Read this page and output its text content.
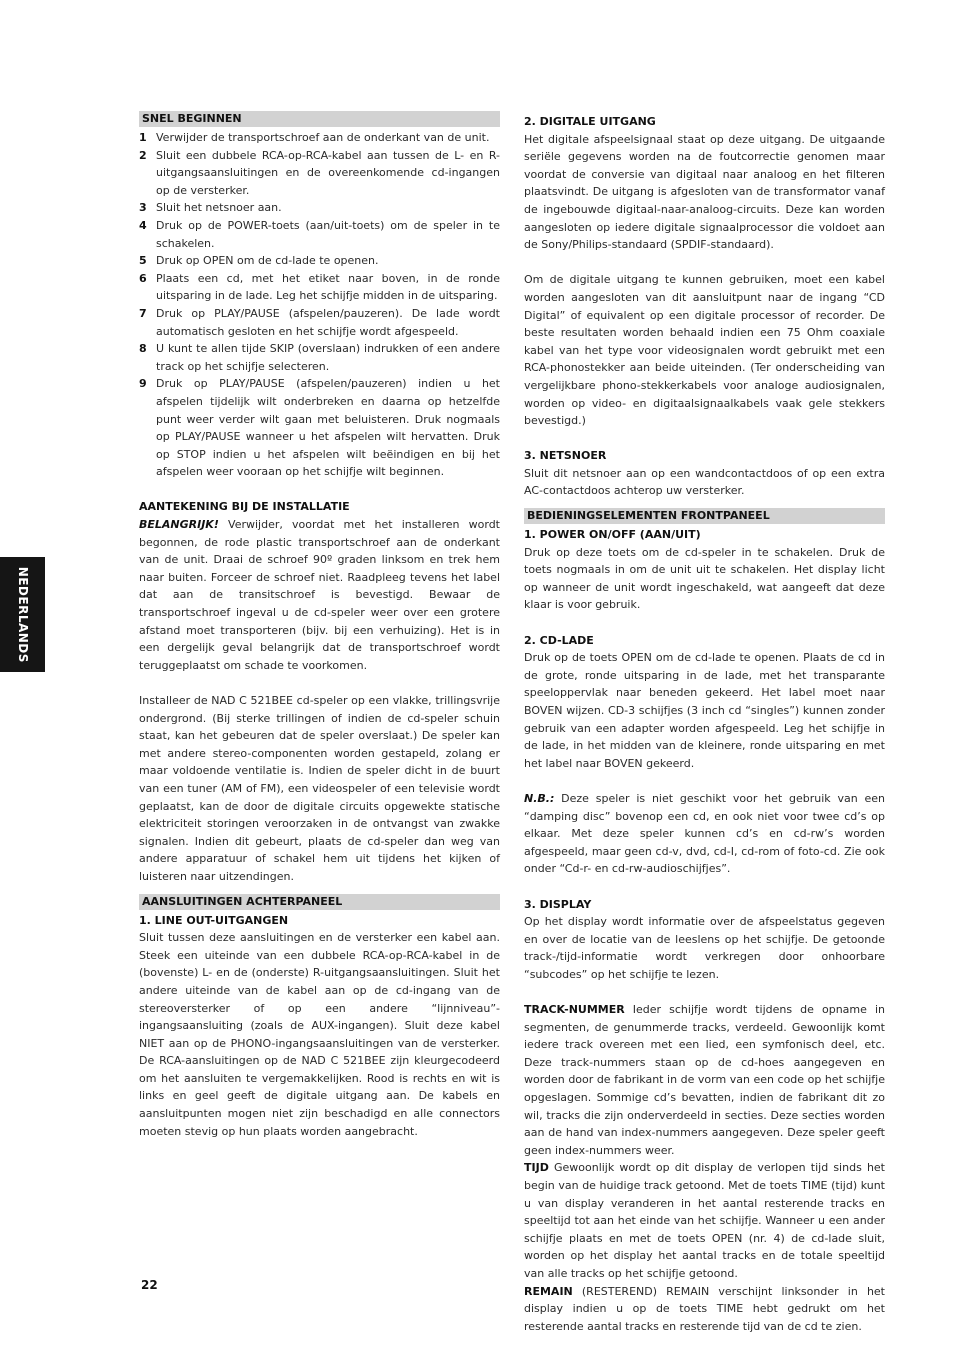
NEDERLANDS
SNEL BEGINNEN
1 Verwijder de transportschroef aan de onderkant van de unit.
2 Sluit een dubbele RCA-op-RCA-kabel aan tussen de L- en R-uitgangsaansluitingen en de overeenkomende cd-ingangen op de versterker.
3 Sluit het netsnoer aan.
4 Druk op de POWER-toets (aan/uit-toets) om de speler in te schakelen.
5 Druk op OPEN om de cd-lade te openen.
6 Plaats een cd, met het etiket naar boven, in de ronde uitsparing in de lade. Leg het schijfje midden in de uitsparing.
7 Druk op PLAY/PAUSE (afspelen/pauzeren). De lade wordt automatisch gesloten en het schijfje wordt afgespeeld.
8 U kunt te allen tijde SKIP (overslaan) indrukken of een andere track op het schijfje selecteren.
9 Druk op PLAY/PAUSE (afspelen/pauzeren) indien u het afspelen tijdelijk wilt onderbreken en daarna op hetzelfde punt weer verder wilt gaan met beluisteren. Druk nogmaals op PLAY/PAUSE wanneer u het afspelen wilt hervatten. Druk op STOP indien u het afspelen wilt beëindigen en bij het afspelen weer vooraan op het schijfje wilt beginnen.
AANTEKENING BIJ DE INSTALLATIE

BELANGRIJK! Verwijder, voordat met het installeren wordt begonnen, de rode plastic transportschroef aan de onderkant van de unit. Draai de schroef 90º graden linksom en trek hem naar buiten. Forceer de schroef niet. Raadpleeg tevens het label dat aan de transitschroef is bevestigd. Bewaar de transportschroef ingeval u de cd-speler weer over een grotere afstand moet transporteren (bijv. bij een verhuizing). Het is in een dergelijk geval belangrijk dat de transportschroef wordt teruggeplaatst om schade te voorkomen.

Installeer de NAD C 521BEE cd-speler op een vlakke, trillingsvrije ondergrond. (Bij sterke trillingen of indien de cd-speler schuin staat, kan het gebeuren dat de speler overslaat.) De speler kan met andere stereo-componenten worden gestapeld, zolang er maar voldoende ventilatie is. Indien de speler dicht in de buurt van een tuner (AM of FM), een videospeler of een televisie wordt geplaatst, kan de door de digitale circuits opgewekte statische elektriciteit storingen veroorzaken in de ontvangst van zwakke signalen. Indien dit gebeurt, plaats de cd-speler dan weg van andere apparatuur of schakel hem uit tijdens het kijken of luisteren naar uitzendingen.

AANSLUITINGEN ACHTERPANEEL
1. LINE OUT-UITGANGEN

Sluit tussen deze aansluitingen en de versterker een kabel aan. Steek een uiteinde van een dubbele RCA-op-RCA-kabel in de (bovenste) L- en de (onderste) R-uitgangsaansluitingen. Sluit het andere uiteinde van de kabel aan op de cd-ingang van de stereoversterker of op een andere “lijnniveau”-ingangsaansluiting (zoals de AUX-ingangen). Sluit deze kabel NIET aan op de PHONO-ingangsaansluitingen van de versterker. De RCA-aansluitingen op de NAD C 521BEE zijn kleurgecodeerd om het aansluiten te vergemakkelijken. Rood is rechts en wit is links en geel geeft de digitale uitgang aan. De kabels en aansluitpunten mogen niet zijn beschadigd en alle connectors moeten stevig op hun plaats worden aangebracht.

2. DIGITALE UITGANG

Het digitale afspeelsignaal staat op deze uitgang. De uitgaande seriële gegevens worden na de foutcorrectie genomen maar voordat de conversie van digitaal naar analoog en het filteren plaatsvindt. De uitgang is afgesloten van de transformator vanaf de ingebouwde digitaal-naar-analoog-circuits. Deze kan worden aangesloten op iedere digitale signaalprocessor die voldoet aan de Sony/Philips-standaard (SPDIF-standaard).

Om de digitale uitgang te kunnen gebruiken, moet een kabel worden aangesloten van dit aansluitpunt naar de ingang “CD Digital” of equivalent op een digitale processor of recorder. De beste resultaten worden behaald indien een 75 Ohm coaxiale kabel van het type voor videosignalen wordt gebruikt met een RCA-phonostekker aan beide uiteinden. (Ter onderscheiding van vergelijkbare phono-stekkerkabels voor analoge audiosignalen, worden op video- en digitaalsignaalkabels vaak gele stekkers bevestigd.)

3. NETSNOER

Sluit dit netsnoer aan op een wandcontactdoos of op een extra AC-contactdoos achterop uw versterker.

BEDIENINGSELEMENTEN FRONTPANEEL
1. POWER ON/OFF (AAN/UIT)

Druk op deze toets om de cd-speler in te schakelen. Druk de toets nogmaals in om de unit uit te schakelen. Het display licht op wanneer de unit wordt ingeschakeld, wat aangeeft dat deze klaar is voor gebruik.

2. CD-LADE

Druk op de toets OPEN om de cd-lade te openen. Plaats de cd in de grote, ronde uitsparing in de lade, met het transparante speeloppervlak naar beneden gekeerd. Het label moet naar BOVEN wijzen. CD-3 schijfjes (3 inch cd “singles”) kunnen zonder gebruik van een adapter worden afgespeeld. Leg het schijfje in de lade, in het midden van de kleinere, ronde uitsparing en met het label naar BOVEN gekeerd.

N.B.: Deze speler is niet geschikt voor het gebruik van een “damping disc” bovenop een cd, en ook niet voor twee cd’s op elkaar. Met deze speler kunnen cd’s en cd-rw’s worden afgespeeld, maar geen cd-v, dvd, cd-I, cd-rom of foto-cd. Zie ook onder “Cd-r- en cd-rw-audioschijfjes”.

3. DISPLAY

Op het display wordt informatie over de afspeelstatus gegeven en over de locatie van de leeslens op het schijfje. De getoonde track-/tijd-informatie wordt verkregen door onhoorbare “subcodes” op het schijfje te lezen.

TRACK-NUMMER Ieder schijfje wordt tijdens de opname in segmenten, de genummerde tracks, verdeeld. Gewoonlijk komt iedere track overeen met een lied, een symfonisch deel, etc. Deze track-nummers staan op de cd-hoes aangegeven en worden door de fabrikant in de vorm van een code op het schijfje opgeslagen. Sommige cd’s bevatten, indien de fabrikant dit zo wil, tracks die zijn onderverdeeld in secties. Deze secties worden aan de hand van index-nummers aangegeven. Deze speler geeft geen index-nummers weer.

TIJD Gewoonlijk wordt op dit display de verlopen tijd sinds het begin van de huidige track getoond. Met de toets TIME (tijd) kunt u van display veranderen in het aantal resterende tracks en speeltijd tot aan het einde van het schijfje. Wanneer u een ander schijfje plaats en met de toets OPEN (nr. 4) de cd-lade sluit, worden op het display het aantal tracks en de totale speeltijd van alle tracks op het schijfje getoond.

REMAIN (RESTEREND) REMAIN verschijnt linksonder in het display indien u op de toets TIME hebt gedrukt om het resterende aantal tracks en resterende tijd van de cd te zien.

22
